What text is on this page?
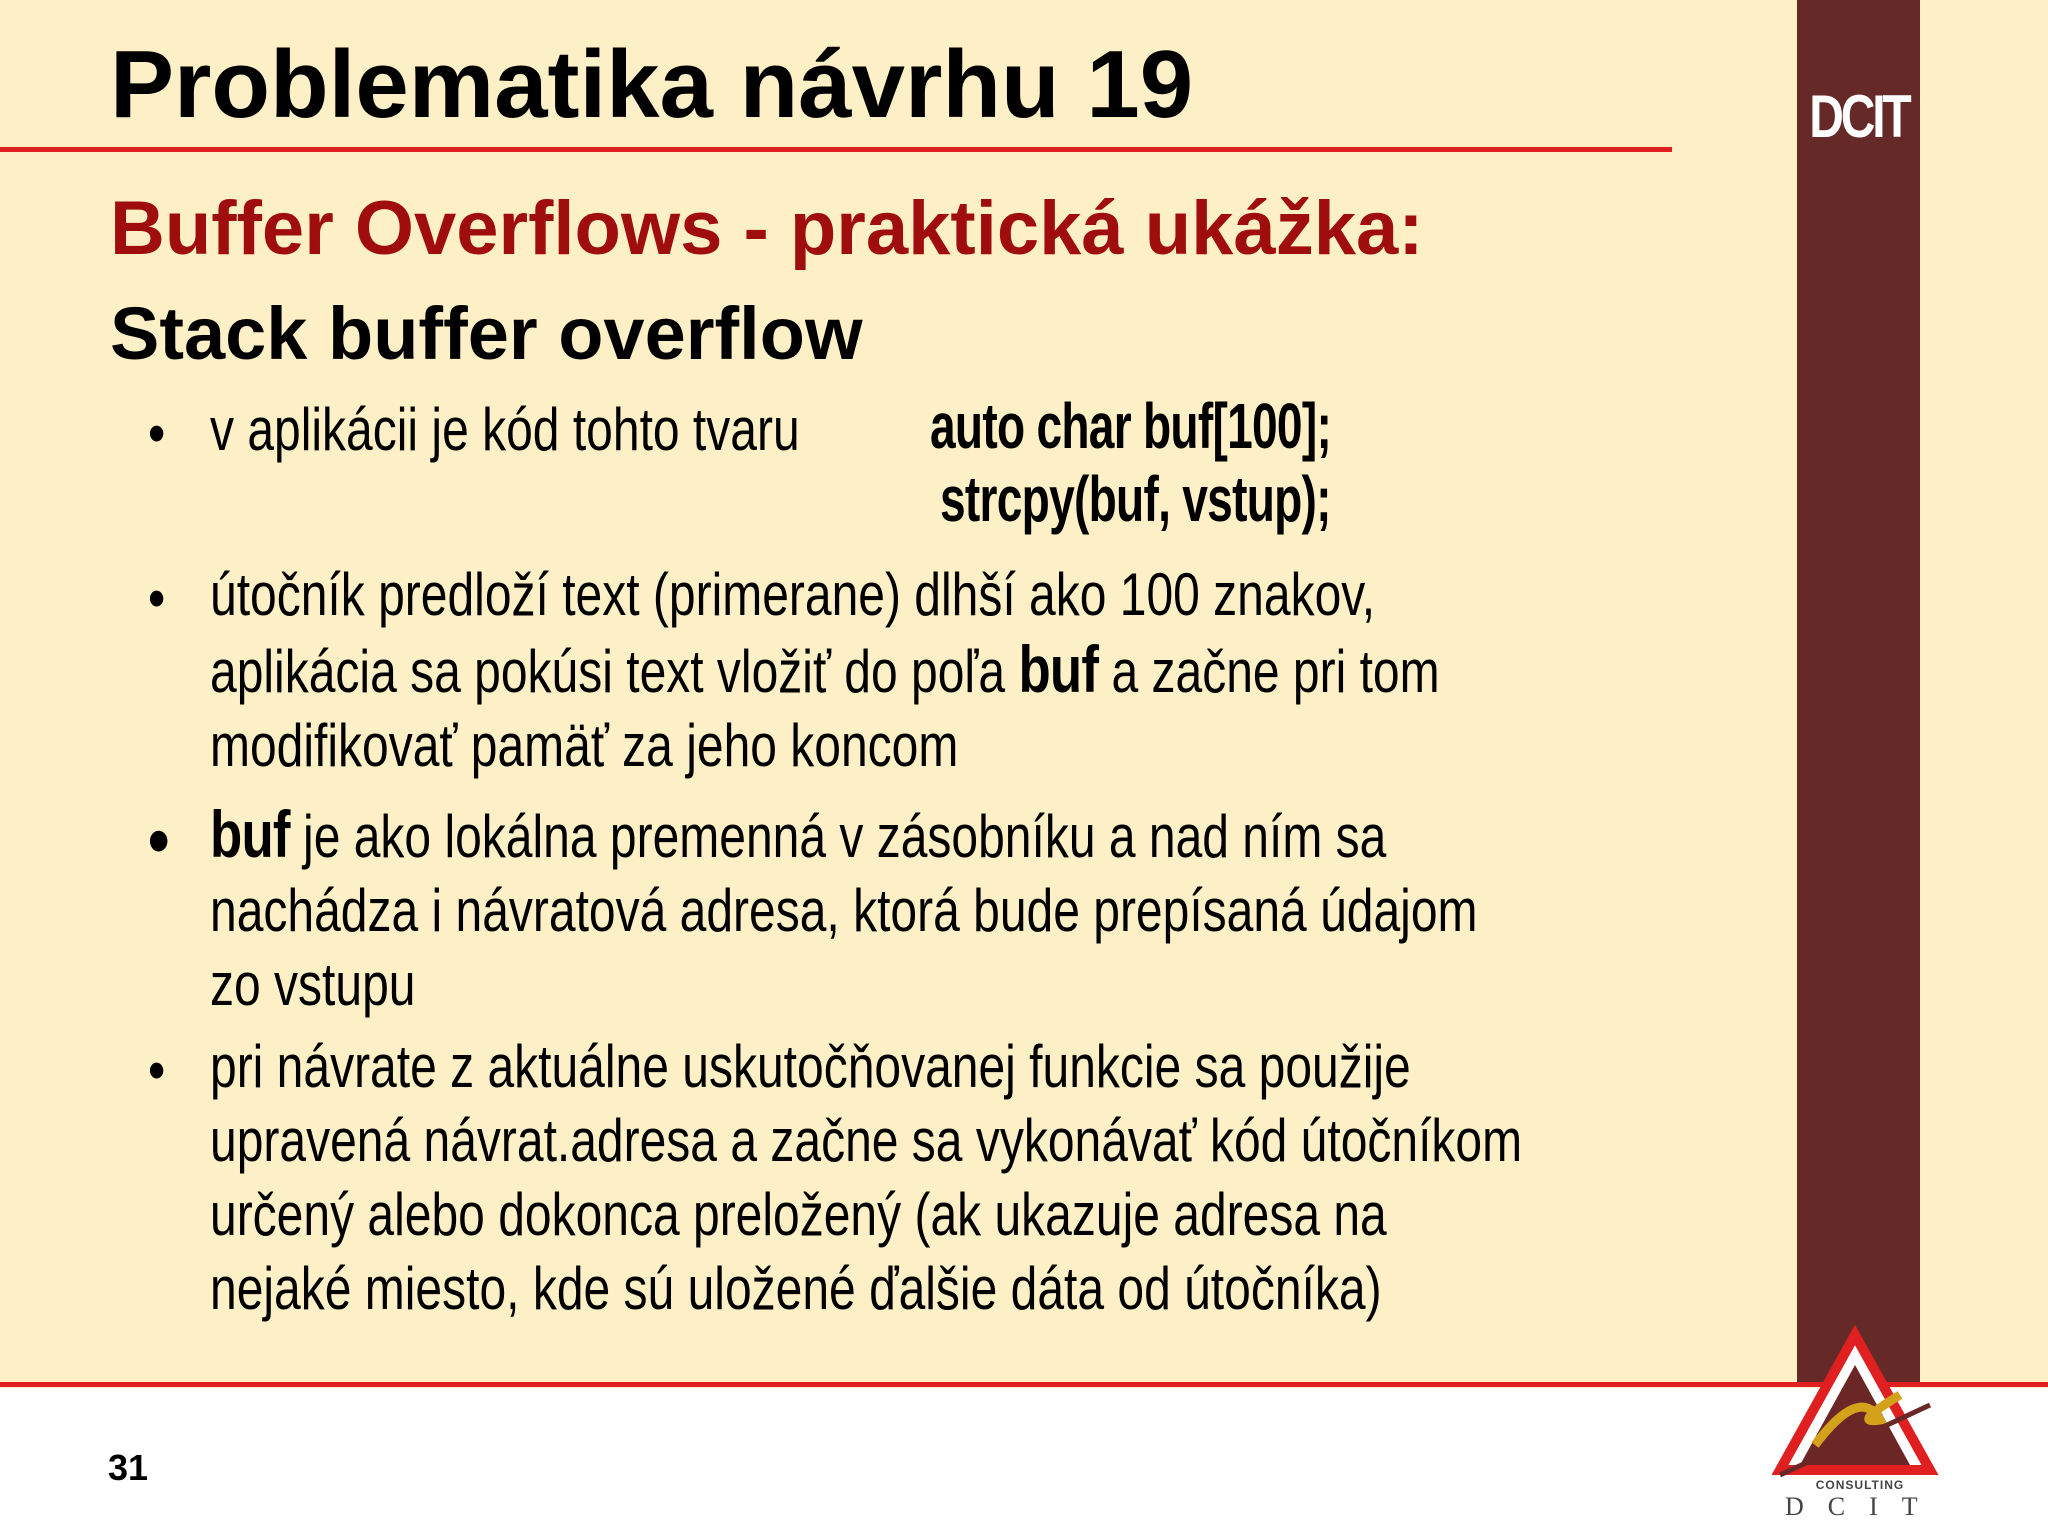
DCIT
Problematika návrhu 19
Buffer Overflows - praktická ukážka:
Stack buffer overflow
• v aplikácii je kód tohto tvaru	auto char buf[100];
strcpy(buf, vstup);
• útočník predloží text (primerane) dlhší ako 100 znakov,
aplikácia sa pokúsi text vložiť do poľa buf a začne pri tom
modifikovať pamäť za jeho koncom
• buf je ako lokálna premenná v zásobníku a nad ním sa
nachádza i návratová adresa, ktorá bude prepísaná údajom
zo vstupu
• pri návrate z aktuálne uskutočňovanej funkcie sa použije
upravená návrat.adresa a začne sa vykonávať kód útočníkom
určený alebo dokonca preložený (ak ukazuje adresa na
nejaké miesto, kde sú uložené ďalšie dáta od útočníka)
31	CONSULTING
DCIT
